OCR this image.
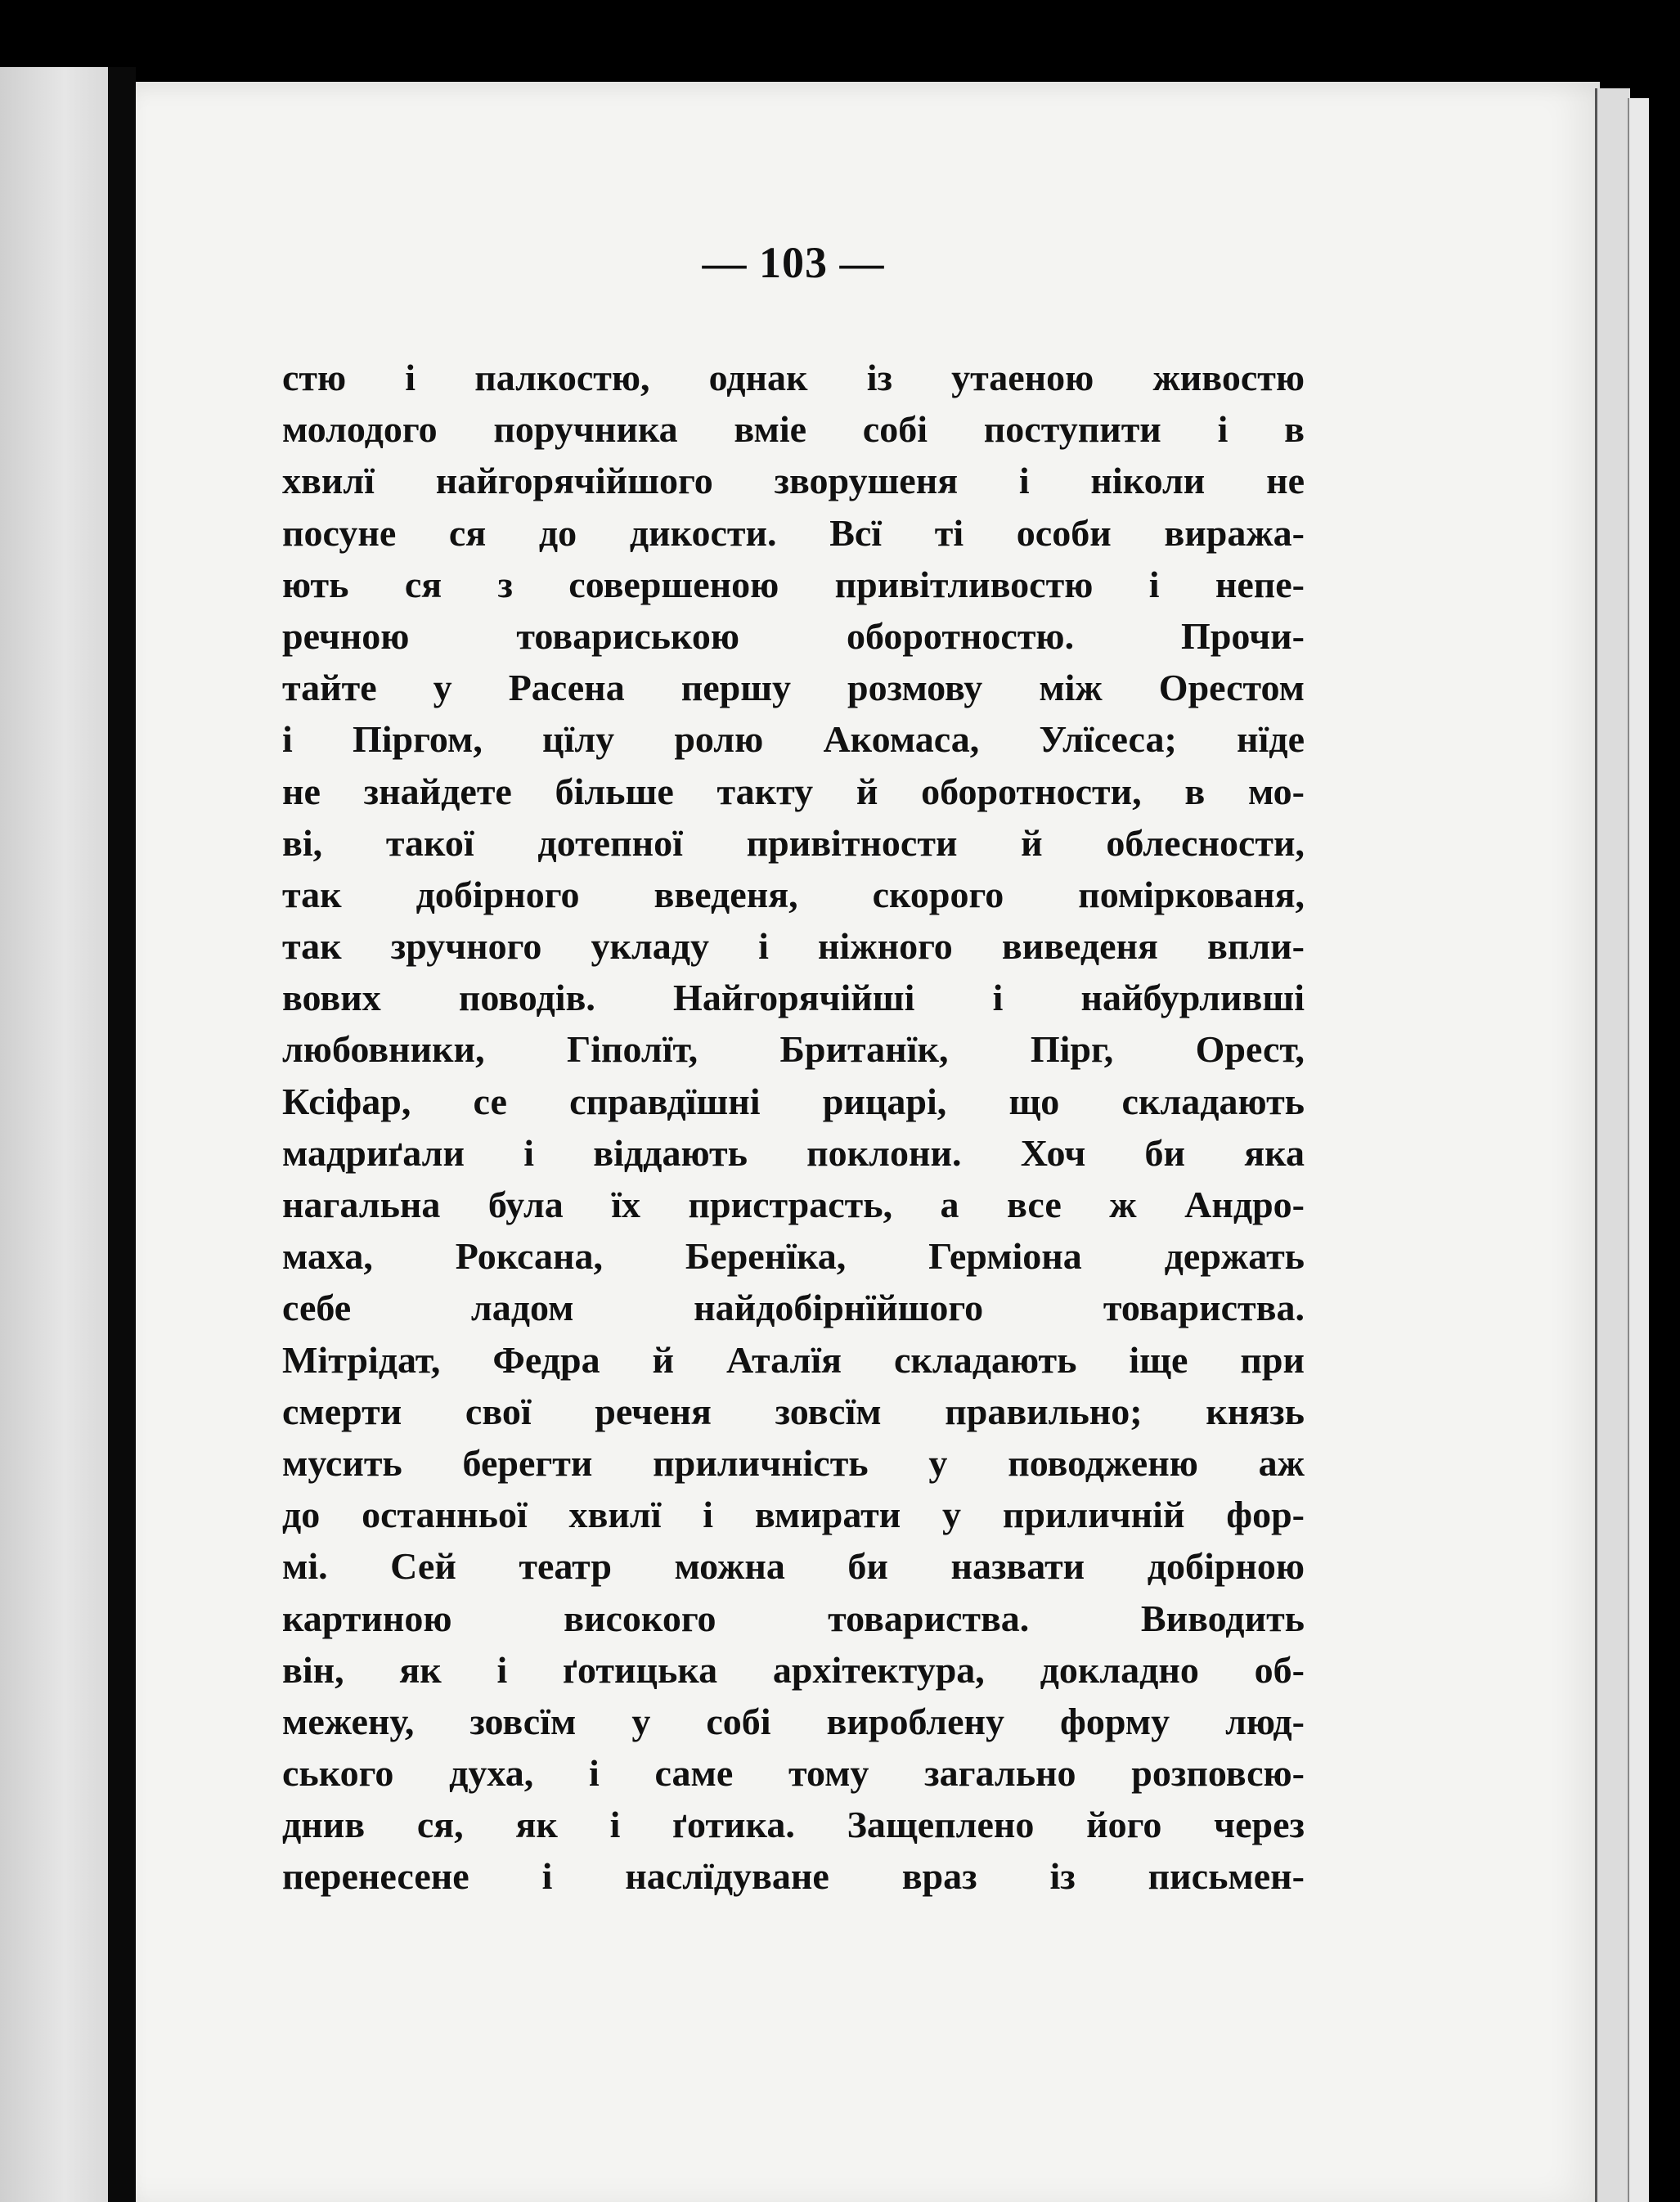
— 103 —
стю і палкостю, однак із утаеною живостю
молодого поручника вміе собі поступити і в
хвилї найгорячійшого зворушеня і ніколи не
посуне ся до дикости. Всї ті особи виража-
ють ся з совершеною привітливостю і непе-
речною товариською оборотностю. Прочи-
тайте у Расена першу розмову між Орестом
і Піргом, цїлу ролю Акомаса, Улїсеса; нїде
не знайдете більше такту й оборотности, в мо-
ві, такої дотепної привітности й облесности,
так добірного введеня, скорого поміркованя,
так зручного укладу і ніжного виведеня впли-
вових поводів. Найгорячійші і найбурливші
любовники, Гіполїт, Британїк, Пірг, Орест,
Ксіфар, се справдїшні рицарі, що складають
мадриґали і віддають поклони. Хоч би яка
нагальна була їх пристрасть, а все ж Андро-
маха, Роксана, Беренїка, Герміона держать
себе ладом найдобірнїйшого товариства.
Мітрідат, Федра й Аталїя складають іще при
смерти свої реченя зовсїм правильно; князь
мусить берегти приличність у поводженю аж
до останньої хвилї і вмирати у приличній фор-
мі. Сей театр можна би назвати добірною
картиною високого товариства. Виводить
він, як і ґотицька архітектура, докладно об-
межену, зовсїм у собі вироблену форму люд-
ського духа, і саме тому загально розповсю-
днив ся, як і ґотика. Защеплено його через
перенесене і наслїдуване враз із письмен-
